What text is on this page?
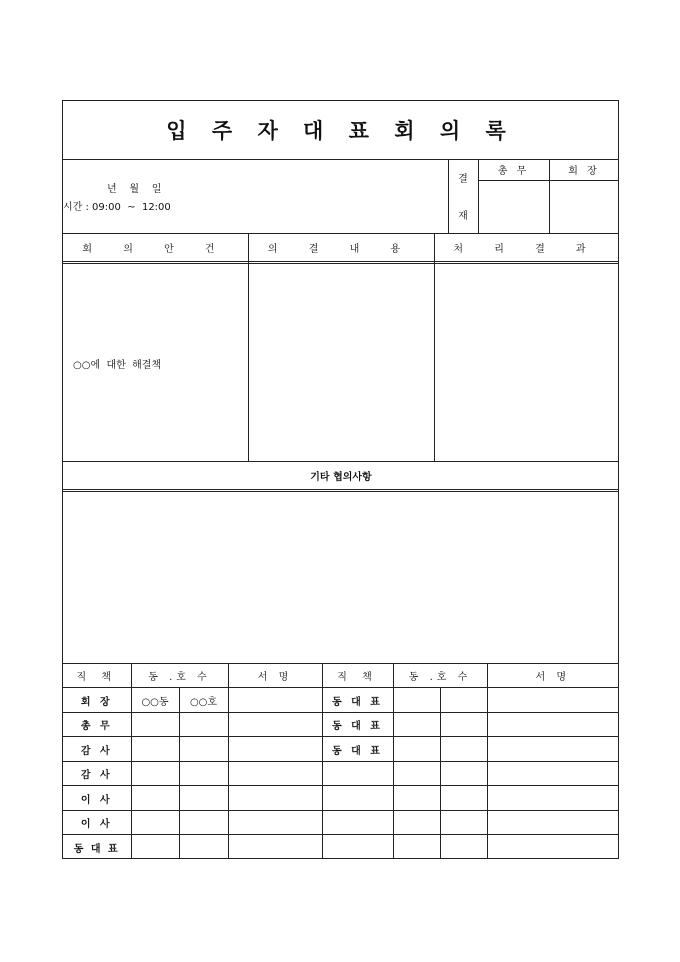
입 주 자 대 표 회 의 록
년    월    일
시간 : 09:00  ~  12:00
결
재
총 무	회 장
회 의 안 건	의 결 내 용	처 리 결 과
○○에  대한  해결책
기타 협의사항
직 책	동 .호 수		서 명	직 책	동 .호 수		서 명
회 장	○○동	○○호		동 대 표			
총 무				동 대 표			
감 사				동 대 표			
감 사							
이 사							
이 사							
동 대 표							
